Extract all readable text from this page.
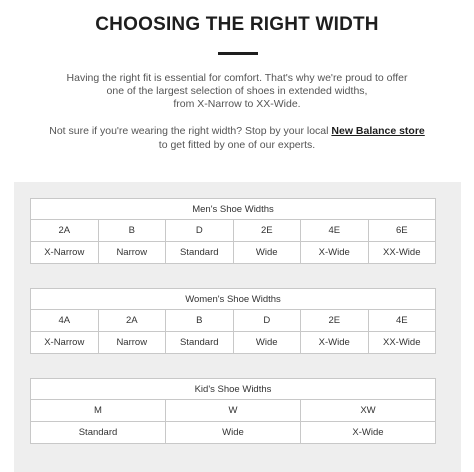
CHOOSING THE RIGHT WIDTH

Having the right fit is essential for comfort. That's why we're proud to offer

one of the largest selection of shoes in extended widths,

from X-Narrow to XX-Wide.

Not sure if you're wearing the right width? Stop by your local New Balance store

to get fitted by one of our experts.

Men's Shoe Widths					
2A	B	D	2E	4E	6E
X-Narrow	Narrow	Standard	Wide	X-Wide	XX-Wide
Women's Shoe Widths					
4A	2A	B	D	2E	4E
X-Narrow	Narrow	Standard	Wide	X-Wide	XX-Wide
Kid's Shoe Widths		
M	W	XW
Standard	Wide	X-Wide
